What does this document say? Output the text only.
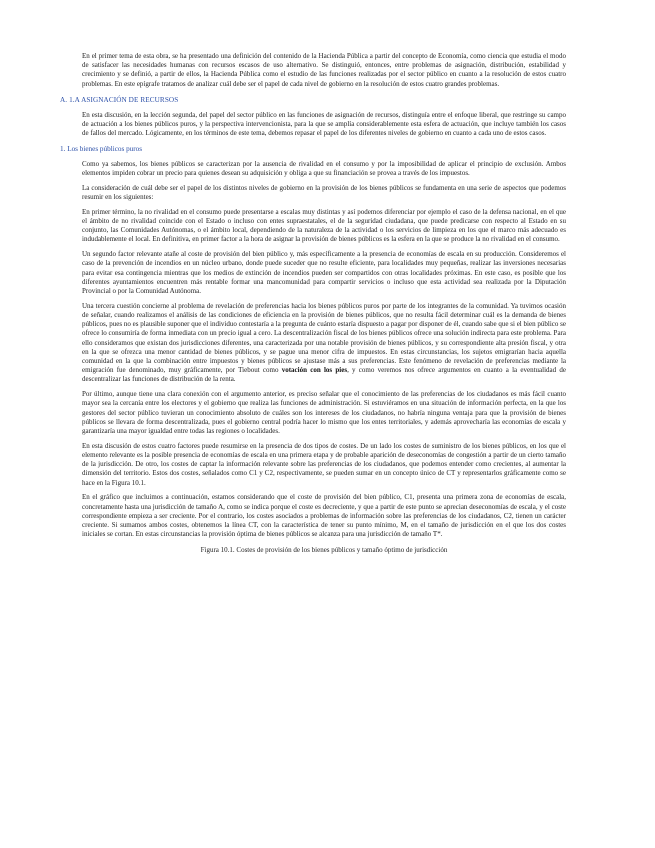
En el primer tema de esta obra, se ha presentado una definición del contenido de la Hacienda Pública a partir del concepto de Economía, como ciencia que estudia el modo de satisfacer las necesidades humanas con recursos escasos de uso alternativo. Se distinguió, entonces, entre problemas de asignación, distribución, estabilidad y crecimiento y se definió, a partir de ellos, la Hacienda Pública como el estudio de las funciones realizadas por el sector público en cuanto a la resolución de estos cuatro problemas. En este epígrafe tratamos de analizar cuál debe ser el papel de cada nivel de gobierno en la resolución de estos cuatro grandes problemas.

A. 1.A ASIGNACIÓN DE RECURSOS

En esta discusión, en la lección segunda, del papel del sector público en las funciones de asignación de recursos, distinguía entre el enfoque liberal, que restringe su campo de actuación a los bienes públicos puros, y la perspectiva intervencionista, para la que se amplía considerablemente esta esfera de actuación, que incluye también los casos de fallos del mercado. Lógicamente, en los términos de este tema, debemos repasar el papel de los diferentes niveles de gobierno en cuanto a cada uno de estos casos.

1. Los bienes públicos puros

Como ya sabemos, los bienes públicos se caracterizan por la ausencia de rivalidad en el consumo y por la imposibilidad de aplicar el principio de exclusión. Ambos elementos impiden cobrar un precio para quienes desean su adquisición y obliga a que su financiación se provea a través de los impuestos.

La consideración de cuál debe ser el papel de los distintos niveles de gobierno en la provisión de los bienes públicos se fundamenta en una serie de aspectos que podemos resumir en los siguientes:

En primer término, la no rivalidad en el consumo puede presentarse a escalas muy distintas y así podemos diferenciar por ejemplo el caso de la defensa nacional, en el que el ámbito de no rivalidad coincide con el Estado o incluso con entes supraestatales, el de la seguridad ciudadana, que puede predicarse con respecto al Estado en su conjunto, las Comunidades Autónomas, o el ámbito local, dependiendo de la naturaleza de la actividad o los servicios de limpieza en los que el marco más adecuado es indudablemente el local. En definitiva, en primer factor a la hora de asignar la provisión de bienes públicos es la esfera en la que se produce la no rivalidad en el consumo.

Un segundo factor relevante atañe al coste de provisión del bien público y, más específicamente a la presencia de economías de escala en su producción. Consideremos el caso de la prevención de incendios en un núcleo urbano, donde puede suceder que no resulte eficiente, para localidades muy pequeñas, realizar las inversiones necesarias para evitar esa contingencia mientras que los medios de extinción de incendios pueden ser compartidos con otras localidades próximas. En este caso, es posible que los diferentes ayuntamientos encuentren más rentable formar una mancomunidad para compartir servicios o incluso que esta actividad sea realizada por la Diputación Provincial o por la Comunidad Autónoma.

Una tercera cuestión concierne al problema de revelación de preferencias hacia los bienes públicos puros por parte de los integrantes de la comunidad. Ya tuvimos ocasión de señalar, cuando realizamos el análisis de las condiciones de eficiencia en la provisión de bienes públicos, que no resulta fácil determinar cuál es la demanda de bienes públicos, pues no es plausible suponer que el individuo contestaría a la pregunta de cuánto estaría dispuesto a pagar por disponer de él, cuando sabe que si el bien público se ofrece lo consumiría de forma inmediata con un precio igual a cero. La descentralización fiscal de los bienes públicos ofrece una solución indirecta para este problema. Para ello consideramos que existan dos jurisdicciones diferentes, una caracterizada por una notable provisión de bienes públicos, y su correspondiente alta presión fiscal, y otra en la que se ofrezca una menor cantidad de bienes públicos, y se pague una menor cifra de impuestos. En estas circunstancias, los sujetos emigrarían hacia aquella comunidad en la que la combinación entre impuestos y bienes públicos se ajustase más a sus preferencias. Este fenómeno de revelación de preferencias mediante la emigración fue denominado, muy gráficamente, por Tiebout como votación con los pies, y como veremos nos ofrece argumentos en cuanto a la eventualidad de descentralizar las funciones de distribución de la renta.

Por último, aunque tiene una clara conexión con el argumento anterior, es preciso señalar que el conocimiento de las preferencias de los ciudadanos es más fácil cuanto mayor sea la cercanía entre los electores y el gobierno que realiza las funciones de administración. Si estuviéramos en una situación de información perfecta, en la que los gestores del sector público tuvieran un conocimiento absoluto de cuáles son los intereses de los ciudadanos, no habría ninguna ventaja para que la provisión de bienes públicos se llevara de forma descentralizada, pues el gobierno central podría hacer lo mismo que los entes territoriales, y además aprovecharía las economías de escala y garantizaría una mayor igualdad entre todas las regiones o localidades.

En esta discusión de estos cuatro factores puede resumirse en la presencia de dos tipos de costes. De un lado los costes de suministro de los bienes públicos, en los que el elemento relevante es la posible presencia de economías de escala en una primera etapa y de probable aparición de deseconomías de congestión a partir de un cierto tamaño de la jurisdicción. De otro, los costes de captar la información relevante sobre las preferencias de los ciudadanos, que podemos entender como crecientes, al aumentar la dimensión del territorio. Estos dos costes, señalados como C1 y C2, respectivamente, se pueden sumar en un concepto único de CT y representarlos gráficamente como se hace en la Figura 10.1.

En el gráfico que incluimos a continuación, estamos considerando que el coste de provisión del bien público, C1, presenta una primera zona de economías de escala, concretamente hasta una jurisdicción de tamaño A, como se indica porque el coste es decreciente, y que a partir de este punto se aprecian deseconomías de escala, y el coste correspondiente empieza a ser creciente. Por el contrario, los costes asociados a problemas de información sobre las preferencias de los ciudadanos, C2, tienen un carácter creciente. Si sumamos ambos costes, obtenemos la línea CT, con la característica de tener su punto mínimo, M, en el tamaño de jurisdicción en el que los dos costes iniciales se cortan. En estas circunstancias la provisión óptima de bienes públicos se alcanza para una jurisdicción de tamaño T*.

Figura 10.1. Costes de provisión de los bienes públicos y tamaño óptimo de jurisdicción
